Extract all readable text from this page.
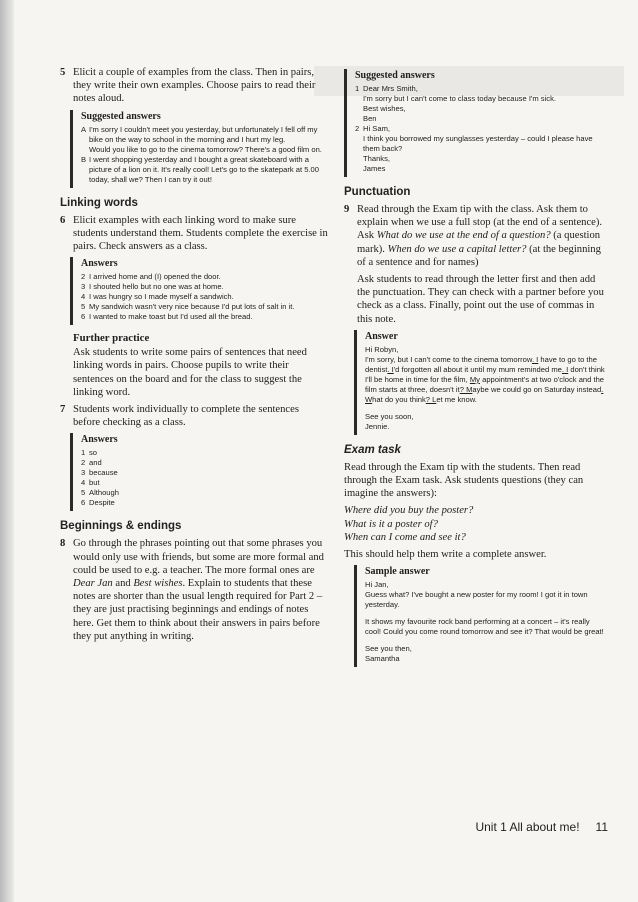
5 Elicit a couple of examples from the class. Then in pairs, they write their own examples. Choose pairs to read their notes aloud.
Suggested answers
A I'm sorry I couldn't meet you yesterday, but unfortunately I fell off my bike on the way to school in the morning and I hurt my leg.
Would you like to go to the cinema tomorrow? There's a good film on.
B I went shopping yesterday and I bought a great skateboard with a picture of a lion on it. It's really cool! Let's go to the skatepark at 5.00 today, shall we? Then I can try it out!
Linking words
6 Elicit examples with each linking word to make sure students understand them. Students complete the exercise in pairs. Check answers as a class.
Answers
2 I arrived home and (I) opened the door.
3 I shouted hello but no one was at home.
4 I was hungry so I made myself a sandwich.
5 My sandwich wasn't very nice because I'd put lots of salt in it.
6 I wanted to make toast but I'd used all the bread.
Further practice
Ask students to write some pairs of sentences that need linking words in pairs. Choose pupils to write their sentences on the board and for the class to suggest the linking word.
7 Students work individually to complete the sentences before checking as a class.
Answers
1 so
2 and
3 because
4 but
5 Although
6 Despite
Beginnings & endings
8 Go through the phrases pointing out that some phrases you would only use with friends, but some are more formal and could be used to e.g. a teacher. The more formal ones are Dear Jan and Best wishes. Explain to students that these notes are shorter than the usual length required for Part 2 – they are just practising beginnings and endings of notes here. Get them to think about their answers in pairs before they put anything in writing.
Suggested answers
1 Dear Mrs Smith,
I'm sorry but I can't come to class today because I'm sick.
Best wishes,
Ben
2 Hi Sam,
I think you borrowed my sunglasses yesterday – could I please have them back?
Thanks,
James
Punctuation
9 Read through the Exam tip with the class. Ask them to explain when we use a full stop (at the end of a sentence). Ask What do we use at the end of a question? (a question mark). When do we use a capital letter? (at the beginning of a sentence and for names)
Ask students to read through the letter first and then add the punctuation. They can check with a partner before you check as a class. Finally, point out the use of commas in this note.
Answer
Hi Robyn,
I'm sorry, but I can't come to the cinema tomorrow. I have to go to the dentist. I'd forgotten all about it until my mum reminded me. I don't think I'll be home in time for the film, My appointment's at two o'clock and the film starts at three, doesn't it? Maybe we could go on Saturday instead. What do you think? Let me know.
See you soon,
Jennie.
Exam task
Read through the Exam tip with the students. Then read through the Exam task. Ask students questions (they can imagine the answers):
Where did you buy the poster?
What is it a poster of?
When can I come and see it?
This should help them write a complete answer.
Sample answer
Hi Jan,
Guess what? I've bought a new poster for my room! I got it in town yesterday.
It shows my favourite rock band performing at a concert – it's really cool! Could you come round tomorrow and see it? That would be great!
See you then,
Samantha
Unit 1 All about me! 11
